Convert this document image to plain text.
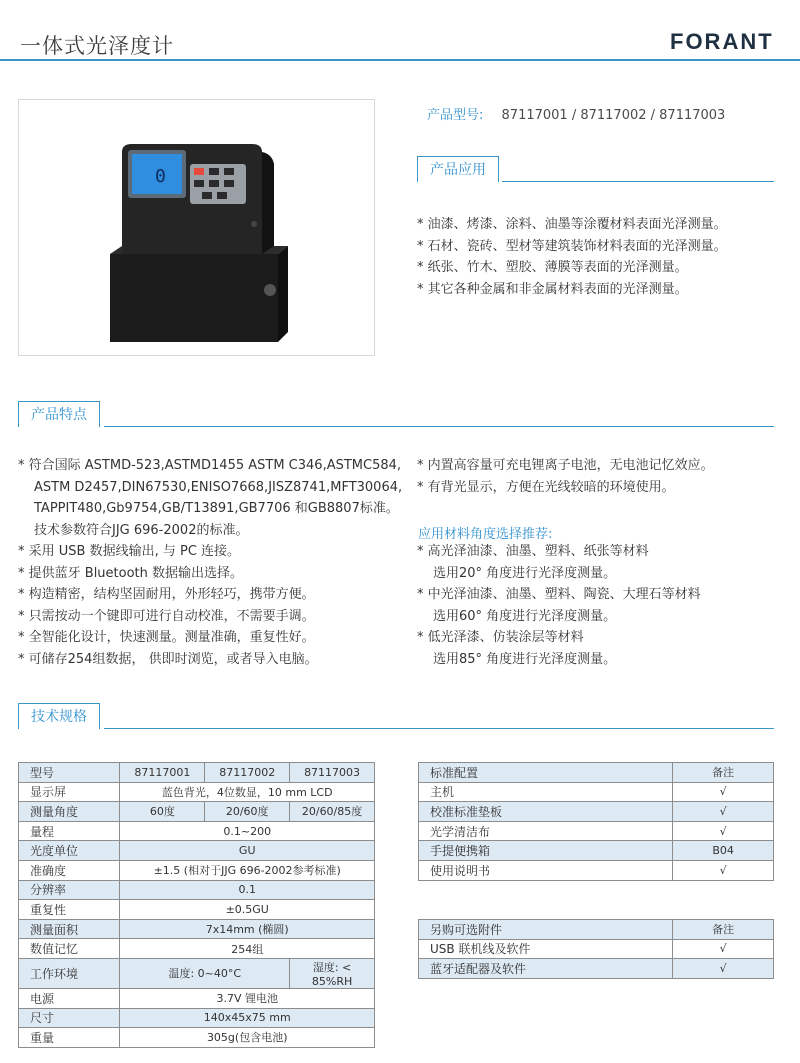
一体式光泽度计	FORANT
0
产品型号: 87117001 / 87117002 / 87117003
产品应用
* 油漆、烤漆、涂料、油墨等涂覆材料表面光泽测量。
* 石材、瓷砖、型材等建筑装饰材料表面的光泽测量。
* 纸张、竹木、塑胶、薄膜等表面的光泽测量。
* 其它各种金属和非金属材料表面的光泽测量。
产品特点
* 符合国际 ASTMD-523,ASTMD1455 ASTM C346,ASTMC584,
ASTM D2457,DIN67530,ENISO7668,JISZ8741,MFT30064,
TAPPIT480,Gb9754,GB/T13891,GB7706 和GB8807标准。
技术参数符合JJG 696-2002的标准。
* 采用 USB 数据线输出, 与 PC 连接。
* 提供蓝牙 Bluetooth 数据输出选择。
* 构造精密，结构坚固耐用，外形轻巧，携带方便。
* 只需按动一个键即可进行自动校准，不需要手调。
* 全智能化设计，快速测量。测量准确，重复性好。
* 可储存254组数据， 供即时浏览，或者导入电脑。
* 内置高容量可充电锂离子电池，无电池记忆效应。
* 有背光显示，方便在光线较暗的环境使用。
应用材料角度选择推荐:
* 高光泽油漆、油墨、塑料、纸张等材料
选用20° 角度进行光泽度测量。
* 中光泽油漆、油墨、塑料、陶瓷、大理石等材料
选用60° 角度进行光泽度测量。
* 低光泽漆、仿装涂层等材料
选用85° 角度进行光泽度测量。
技术规格
型号	87117001	87117002	87117003
显示屏	蓝色背光，4位数显，10 mm LCD		
测量角度	60度	20/60度	20/60/85度
量程	0.1~200		
光度单位	GU		
准确度	±1.5 (相对于JJG 696-2002参考标准)		
分辨率	0.1		
重复性	±0.5GU		
测量面积	7x14mm (椭圆)		
数值记忆	254组		
工作环境	温度: 0~40°C		湿度: < 85%RH
电源	3.7V 锂电池		
尺寸	140x45x75 mm		
重量	305g(包含电池)		
标准配置	备注
主机	√
校准标准垫板	√
光学清洁布	√
手提便携箱	B04
使用说明书	√
另购可选附件	备注
USB 联机线及软件	√
蓝牙适配器及软件	√
